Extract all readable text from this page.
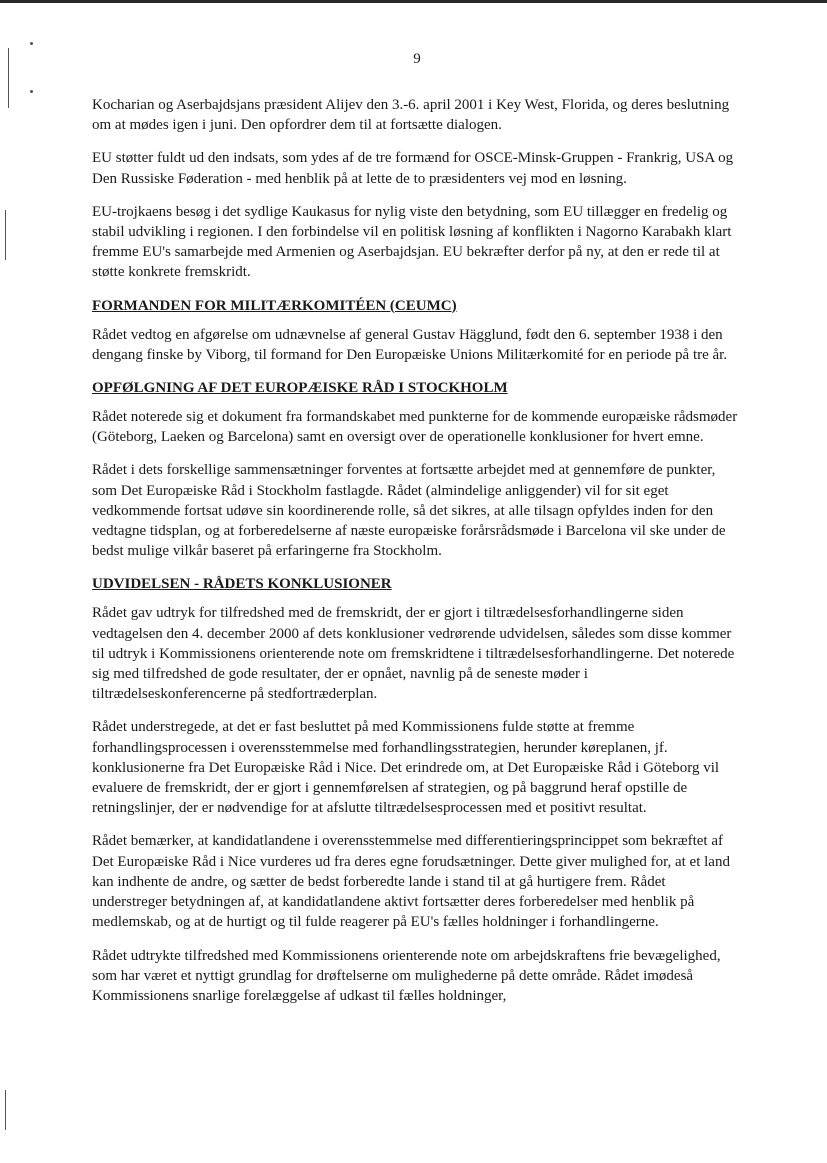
9

Kocharian og Aserbajdsjans præsident Alijev den 3.-6. april 2001 i Key West, Florida, og deres beslutning om at mødes igen i juni. Den opfordrer dem til at fortsætte dialogen.

EU støtter fuldt ud den indsats, som ydes af de tre formænd for OSCE-Minsk-Gruppen - Frankrig, USA og Den Russiske Føderation - med henblik på at lette de to præsidenters vej mod en løsning.

EU-trojkaens besøg i det sydlige Kaukasus for nylig viste den betydning, som EU tillægger en fredelig og stabil udvikling i regionen. I den forbindelse vil en politisk løsning af konflikten i Nagorno Karabakh klart fremme EU's samarbejde med Armenien og Aserbajdsjan. EU bekræfter derfor på ny, at den er rede til at støtte konkrete fremskridt.

FORMANDEN FOR MILITÆRKOMITÉEN (CEUMC)

Rådet vedtog en afgørelse om udnævnelse af general Gustav Hägglund, født den 6. september 1938 i den dengang finske by Viborg, til formand for Den Europæiske Unions Militærkomité for en periode på tre år.

OPFØLGNING AF DET EUROPÆISKE RÅD I STOCKHOLM

Rådet noterede sig et dokument fra formandskabet med punkterne for de kommende europæiske rådsmøder (Göteborg, Laeken og Barcelona) samt en oversigt over de operationelle konklusioner for hvert emne.

Rådet i dets forskellige sammensætninger forventes at fortsætte arbejdet med at gennemføre de punkter, som Det Europæiske Råd i Stockholm fastlagde. Rådet (almindelige anliggender) vil for sit eget vedkommende fortsat udøve sin koordinerende rolle, så det sikres, at alle tilsagn opfyldes inden for den vedtagne tidsplan, og at forberedelserne af næste europæiske forårsrådsmøde i Barcelona vil ske under de bedst mulige vilkår baseret på erfaringerne fra Stockholm.

UDVIDELSEN - RÅDETS KONKLUSIONER

Rådet gav udtryk for tilfredshed med de fremskridt, der er gjort i tiltrædelsesforhandlingerne siden vedtagelsen den 4. december 2000 af dets konklusioner vedrørende udvidelsen, således som disse kommer til udtryk i Kommissionens orienterende note om fremskridtene i tiltrædelsesforhandlingerne. Det noterede sig med tilfredshed de gode resultater, der er opnået, navnlig på de seneste møder i tiltrædelseskonferencerne på stedfortræderplan.

Rådet understregede, at det er fast besluttet på med Kommissionens fulde støtte at fremme forhandlingsprocessen i overensstemmelse med forhandlingsstrategien, herunder køreplanen, jf. konklusionerne fra Det Europæiske Råd i Nice. Det erindrede om, at Det Europæiske Råd i Göteborg vil evaluere de fremskridt, der er gjort i gennemførelsen af strategien, og på baggrund heraf opstille de retningslinjer, der er nødvendige for at afslutte tiltrædelsesprocessen med et positivt resultat.

Rådet bemærker, at kandidatlandene i overensstemmelse med differentieringsprincippet som bekræftet af Det Europæiske Råd i Nice vurderes ud fra deres egne forudsætninger. Dette giver mulighed for, at et land kan indhente de andre, og sætter de bedst forberedte lande i stand til at gå hurtigere frem. Rådet understreger betydningen af, at kandidatlandene aktivt fortsætter deres forberedelser med henblik på medlemskab, og at de hurtigt og til fulde reagerer på EU's fælles holdninger i forhandlingerne.

Rådet udtrykte tilfredshed med Kommissionens orienterende note om arbejdskraftens frie bevægelighed, som har været et nyttigt grundlag for drøftelserne om mulighederne på dette område. Rådet imødeså Kommissionens snarlige forelæggelse af udkast til fælles holdninger,
